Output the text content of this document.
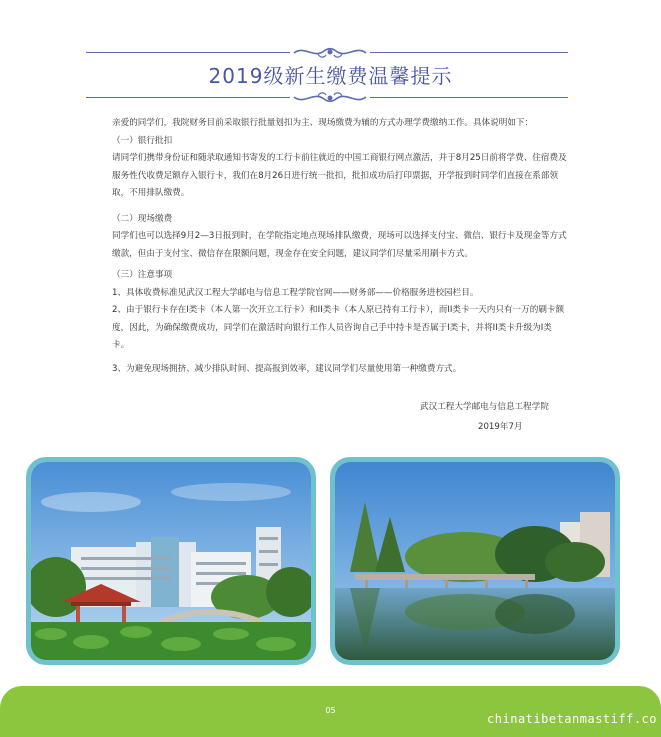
2019级新生缴费温馨提示
亲爱的同学们，我院财务目前采取银行批量划扣为主、现场缴费为辅的方式办理学费缴纳工作。具体说明如下：
（一）银行批扣
请同学们携带身份证和随录取通知书寄发的工行卡前往就近的中国工商银行网点激活，并于8月25日前将学费、住宿费及服务性代收费足额存入银行卡，我们在8月26日进行统一批扣，批扣成功后打印票据，开学报到时同学们直接在系部领取，不用排队缴费。
（二）现场缴费
同学们也可以选择9月2—3日报到时，在学院指定地点现场排队缴费，现场可以选择支付宝、微信、银行卡及现金等方式缴款，但由于支付宝、微信存在限额问题，现金存在安全问题，建议同学们尽量采用刷卡方式。
（三）注意事项
1、具体收费标准见武汉工程大学邮电与信息工程学院官网——财务部——价格服务进校园栏目。
2、由于银行卡存在I类卡（本人第一次开立工行卡）和II类卡（本人原已持有工行卡），而II类卡一天内只有一万的刷卡额度，因此，为确保缴费成功，同学们在激活时向银行工作人员咨询自己手中持卡是否属于I类卡，并将II类卡升级为I类卡。
3、为避免现场拥挤、减少排队时间、提高报到效率，建议同学们尽量使用第一种缴费方式。
武汉工程大学邮电与信息工程学院
2019年7月
05
chinatibetanmastiff.co
